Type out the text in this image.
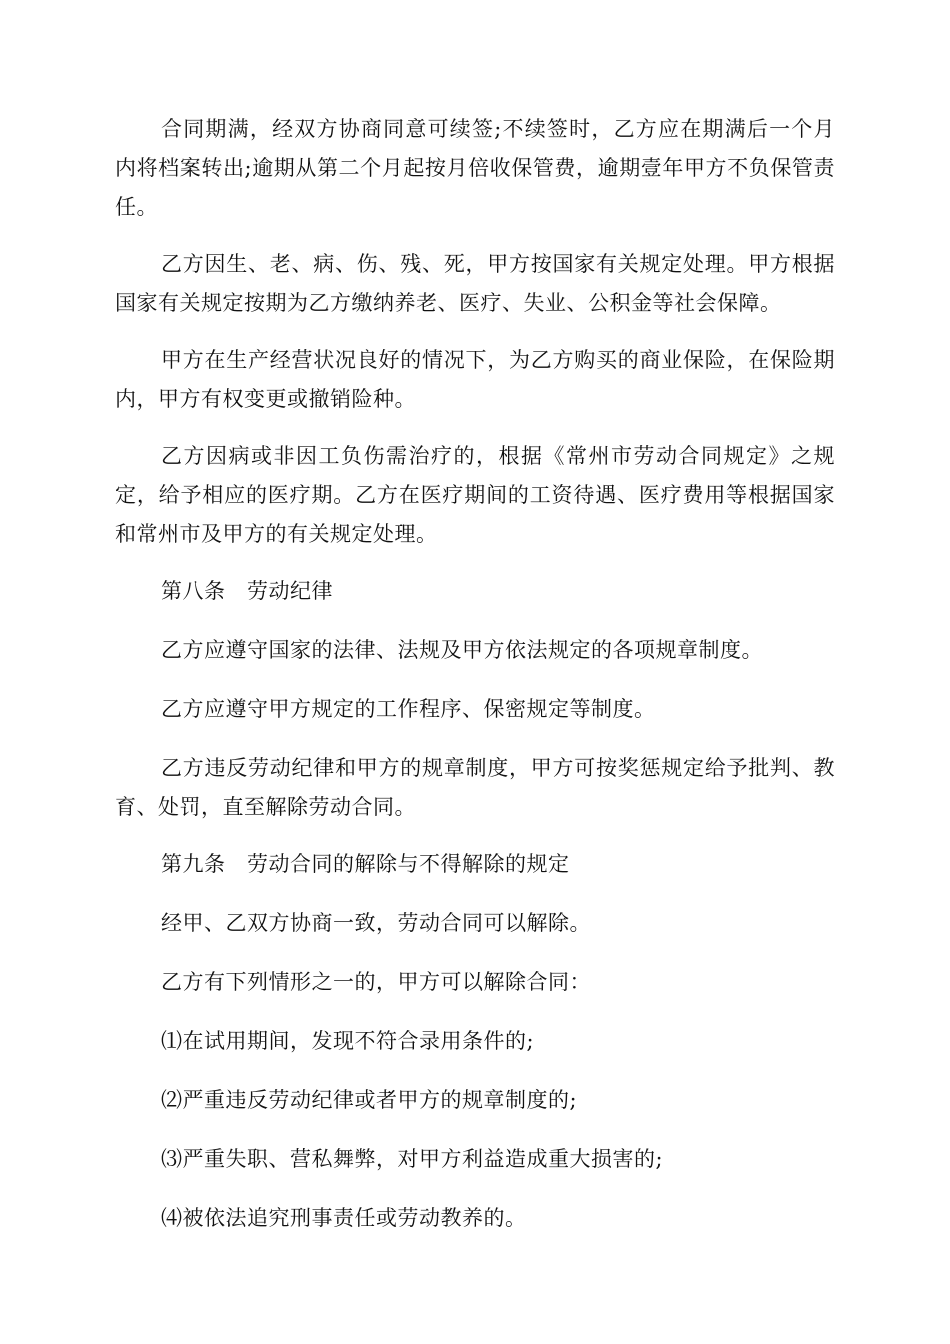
合同期满，经双方协商同意可续签;不续签时，乙方应在期满后一个月内将档案转出;逾期从第二个月起按月倍收保管费，逾期壹年甲方不负保管责任。

乙方因生、老、病、伤、残、死，甲方按国家有关规定处理。甲方根据国家有关规定按期为乙方缴纳养老、医疗、失业、公积金等社会保障。

甲方在生产经营状况良好的情况下，为乙方购买的商业保险，在保险期内，甲方有权变更或撤销险种。

乙方因病或非因工负伤需治疗的，根据《常州市劳动合同规定》之规定，给予相应的医疗期。乙方在医疗期间的工资待遇、医疗费用等根据国家和常州市及甲方的有关规定处理。

第八条　劳动纪律

乙方应遵守国家的法律、法规及甲方依法规定的各项规章制度。

乙方应遵守甲方规定的工作程序、保密规定等制度。

乙方违反劳动纪律和甲方的规章制度，甲方可按奖惩规定给予批判、教育、处罚，直至解除劳动合同。

第九条　劳动合同的解除与不得解除的规定

经甲、乙双方协商一致，劳动合同可以解除。

乙方有下列情形之一的，甲方可以解除合同：

⑴在试用期间，发现不符合录用条件的;

⑵严重违反劳动纪律或者甲方的规章制度的;

⑶严重失职、营私舞弊，对甲方利益造成重大损害的;

⑷被依法追究刑事责任或劳动教养的。
